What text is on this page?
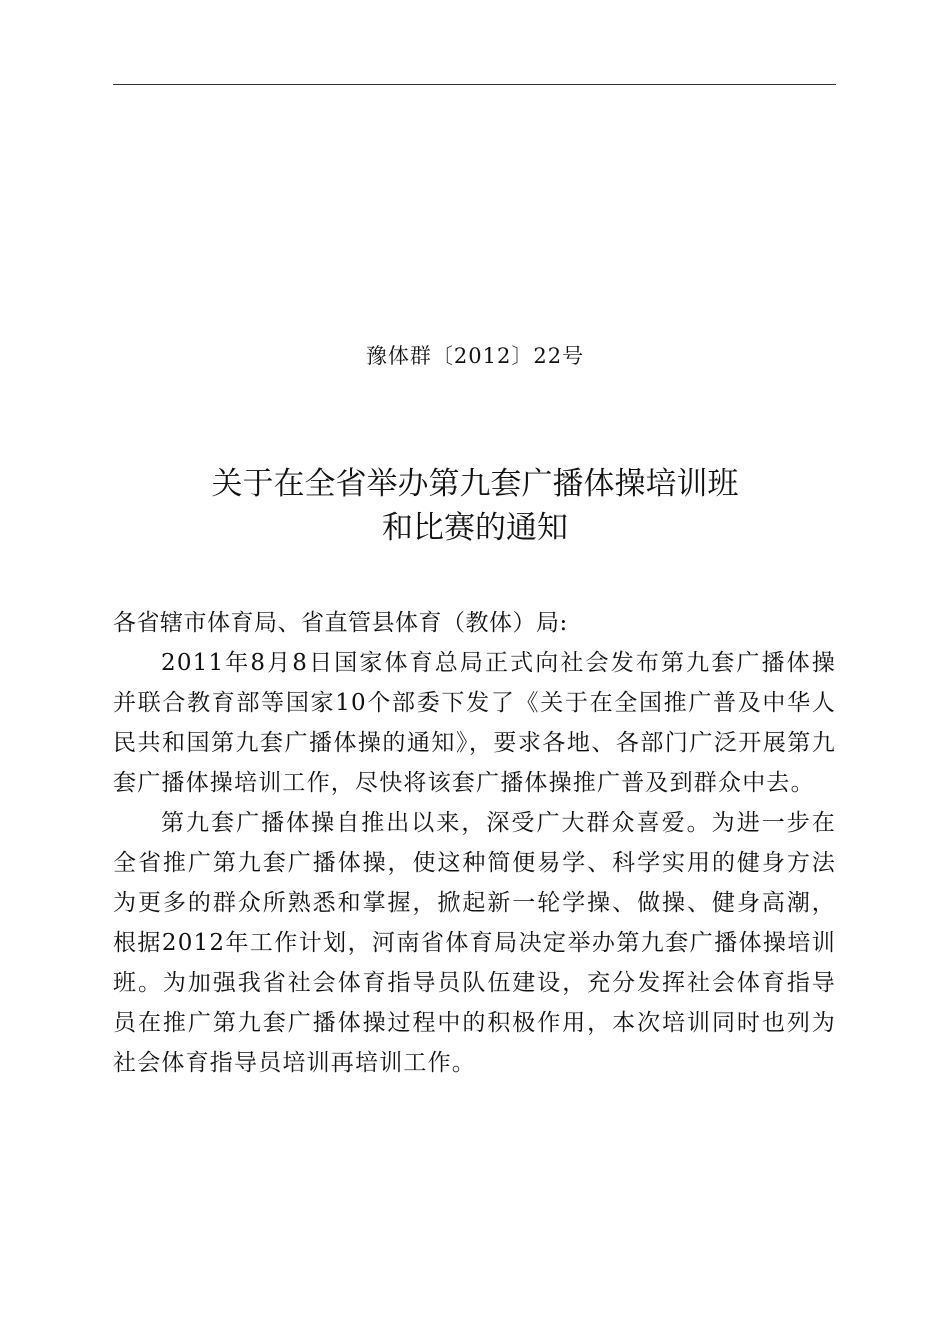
豫体群〔2012〕22号
关于在全省举办第九套广播体操培训班
和比赛的通知

各省辖市体育局、省直管县体育（教体）局:

2011年8月8日国家体育总局正式向社会发布第九套广播体操并联合教育部等国家10个部委下发了《关于在全国推广普及中华人民共和国第九套广播体操的通知》，要求各地、各部门广泛开展第九套广播体操培训工作，尽快将该套广播体操推广普及到群众中去。

第九套广播体操自推出以来，深受广大群众喜爱。为进一步在全省推广第九套广播体操，使这种简便易学、科学实用的健身方法为更多的群众所熟悉和掌握，掀起新一轮学操、做操、健身高潮，根据2012年工作计划，河南省体育局决定举办第九套广播体操培训班。为加强我省社会体育指导员队伍建设，充分发挥社会体育指导员在推广第九套广播体操过程中的积极作用，本次培训同时也列为社会体育指导员培训再培训工作。
